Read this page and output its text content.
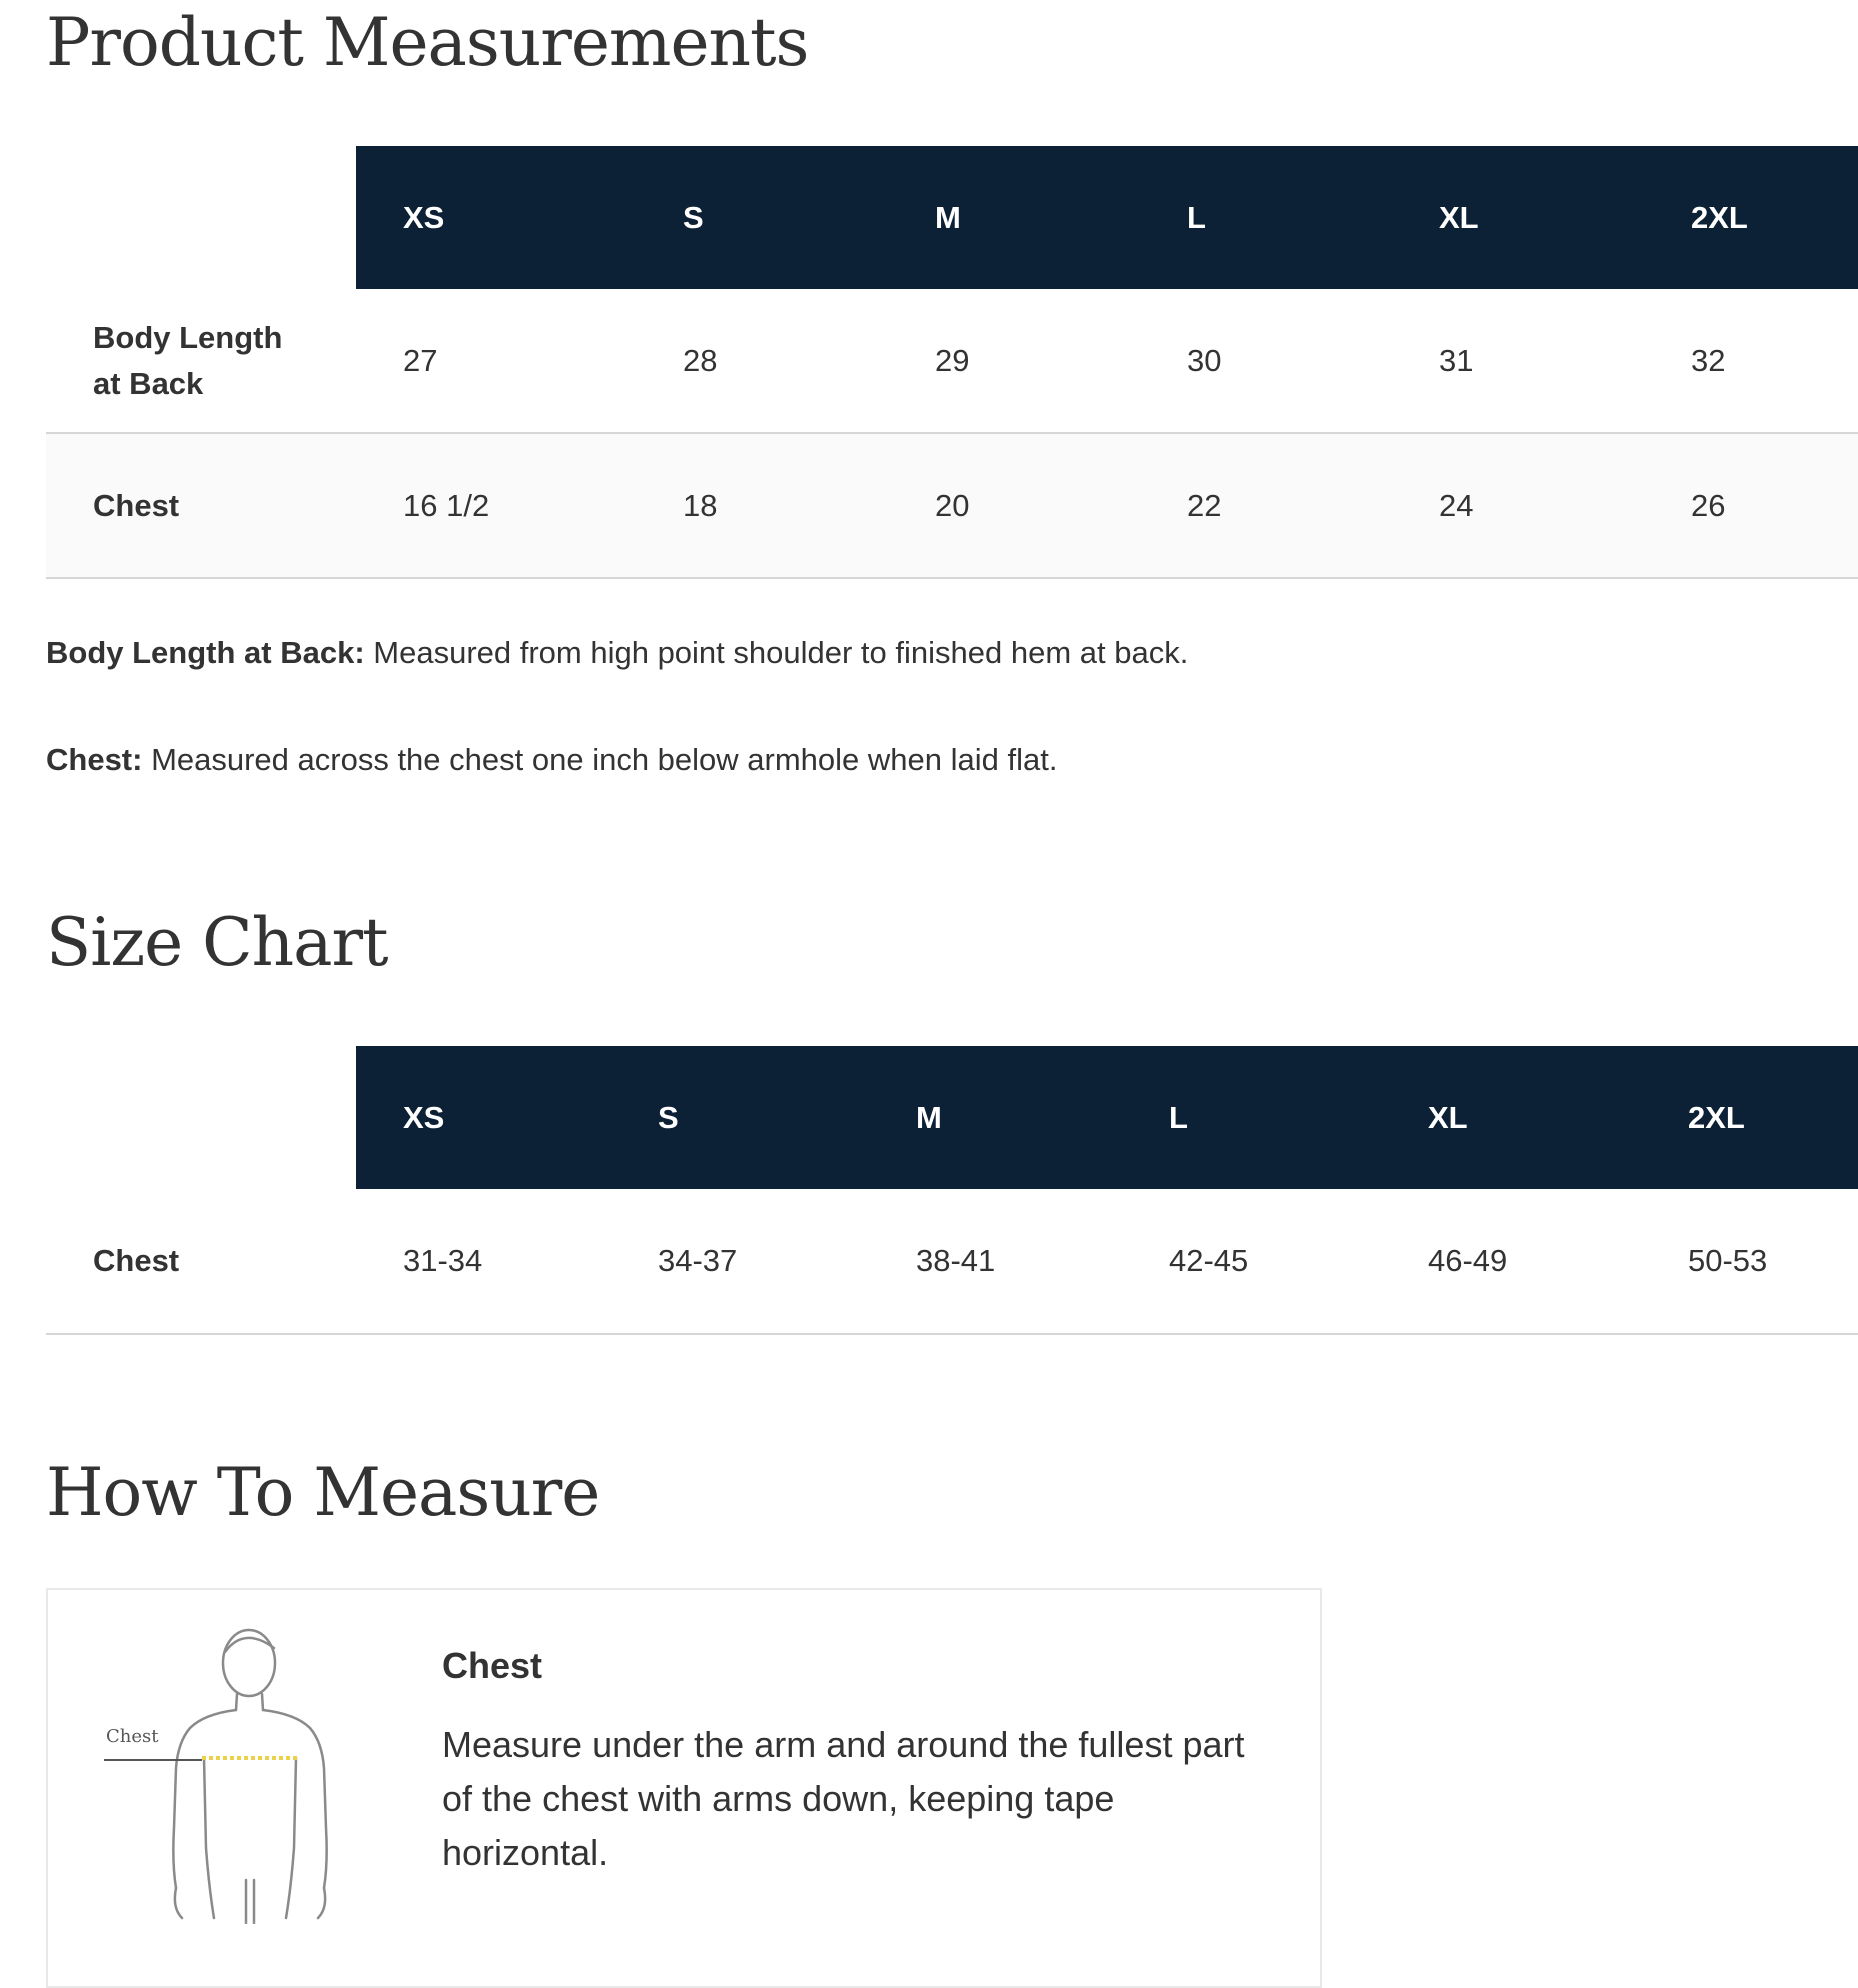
Product Measurements
	XS	S	M	L	XL	2XL
Body Length at Back	27	28	29	30	31	32
Chest	16 1/2	18	20	22	24	26

Body Length at Back: Measured from high point shoulder to finished hem at back.

Chest: Measured across the chest one inch below armhole when laid flat.

Size Chart
	XS	S	M	L	XL	2XL
Chest	31-34	34-37	38-41	42-45	46-49	50-53
How To Measure
Chest
Chest
Measure under the arm and around the fullest part of the chest with arms down, keeping tape horizontal.
